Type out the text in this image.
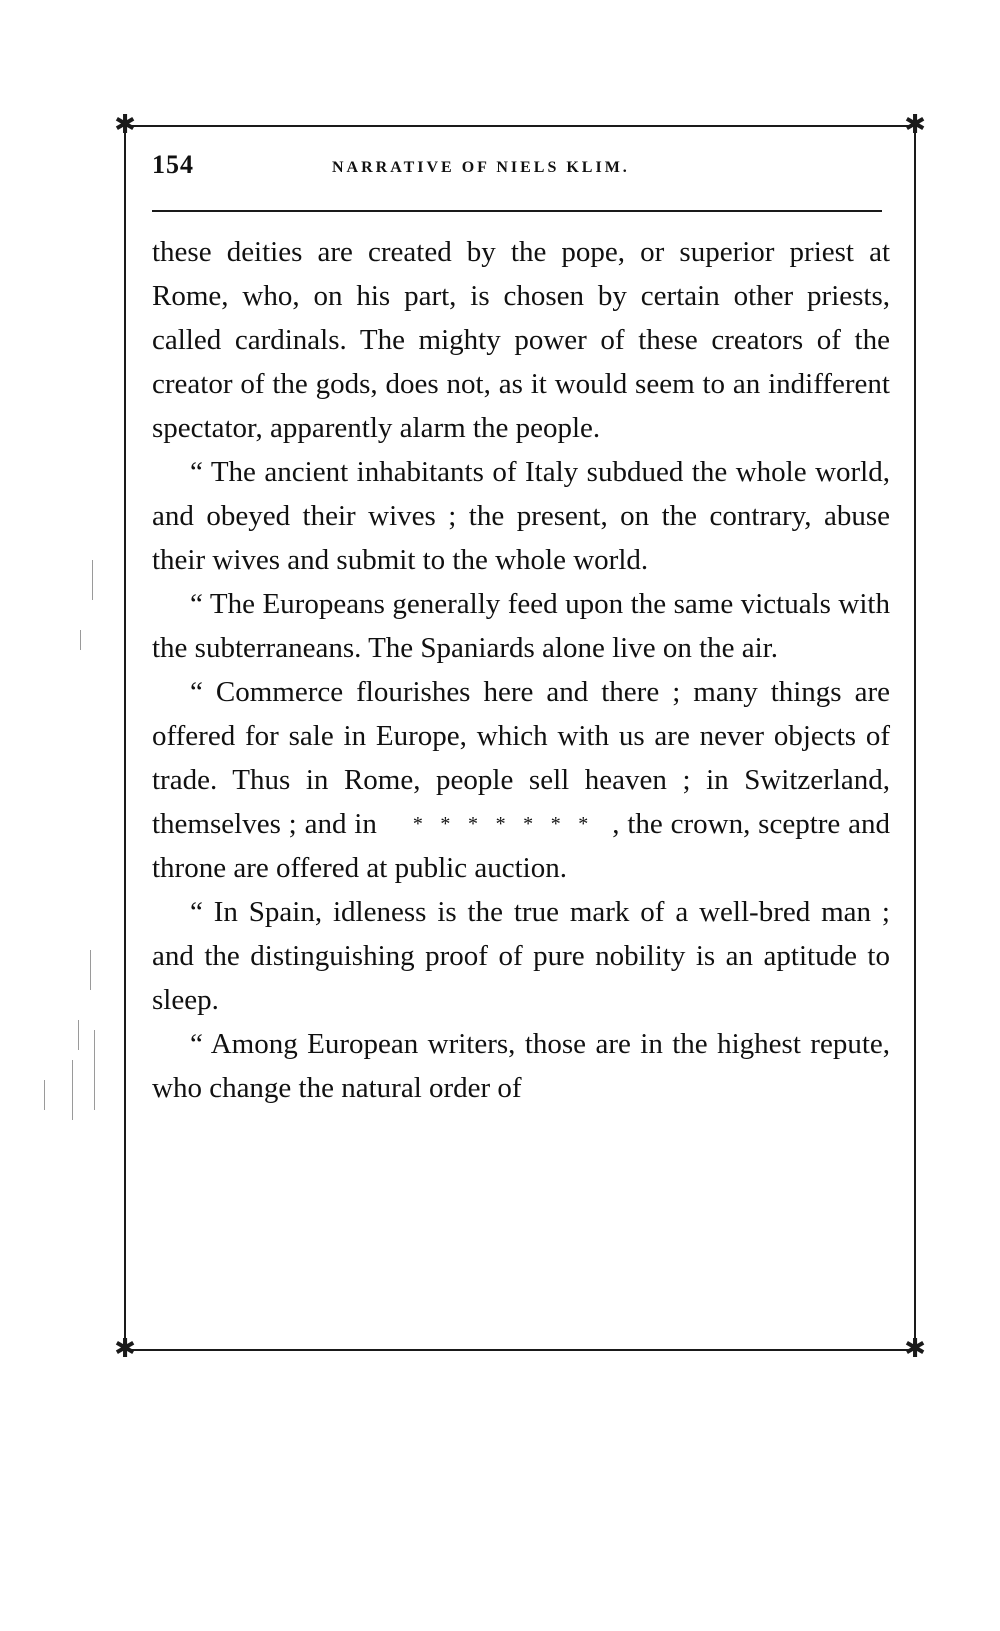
✱	✱
✱	✱
154	NARRATIVE OF NIELS KLIM.

these deities are created by the pope, or superior priest at Rome, who, on his part, is chosen by certain other priests, called cardinals. The mighty power of these creators of the creator of the gods, does not, as it would seem to an indifferent spectator, apparently alarm the people.

“ The ancient inhabitants of Italy subdued the whole world, and obeyed their wives ; the present, on the contrary, abuse their wives and submit to the whole world.

“ The Europeans generally feed upon the same victuals with the subterraneans. The Spaniards alone live on the air.

“ Commerce flourishes here and there ; many things are offered for sale in Europe, which with us are never objects of trade. Thus in Rome, people sell heaven ; in Switzerland, themselves ; and in * * * * * * * , the crown, sceptre and throne are offered at public auction.

“ In Spain, idleness is the true mark of a well-bred man ; and the distinguishing proof of pure nobility is an aptitude to sleep.

“ Among European writers, those are in the highest repute, who change the natural order of
